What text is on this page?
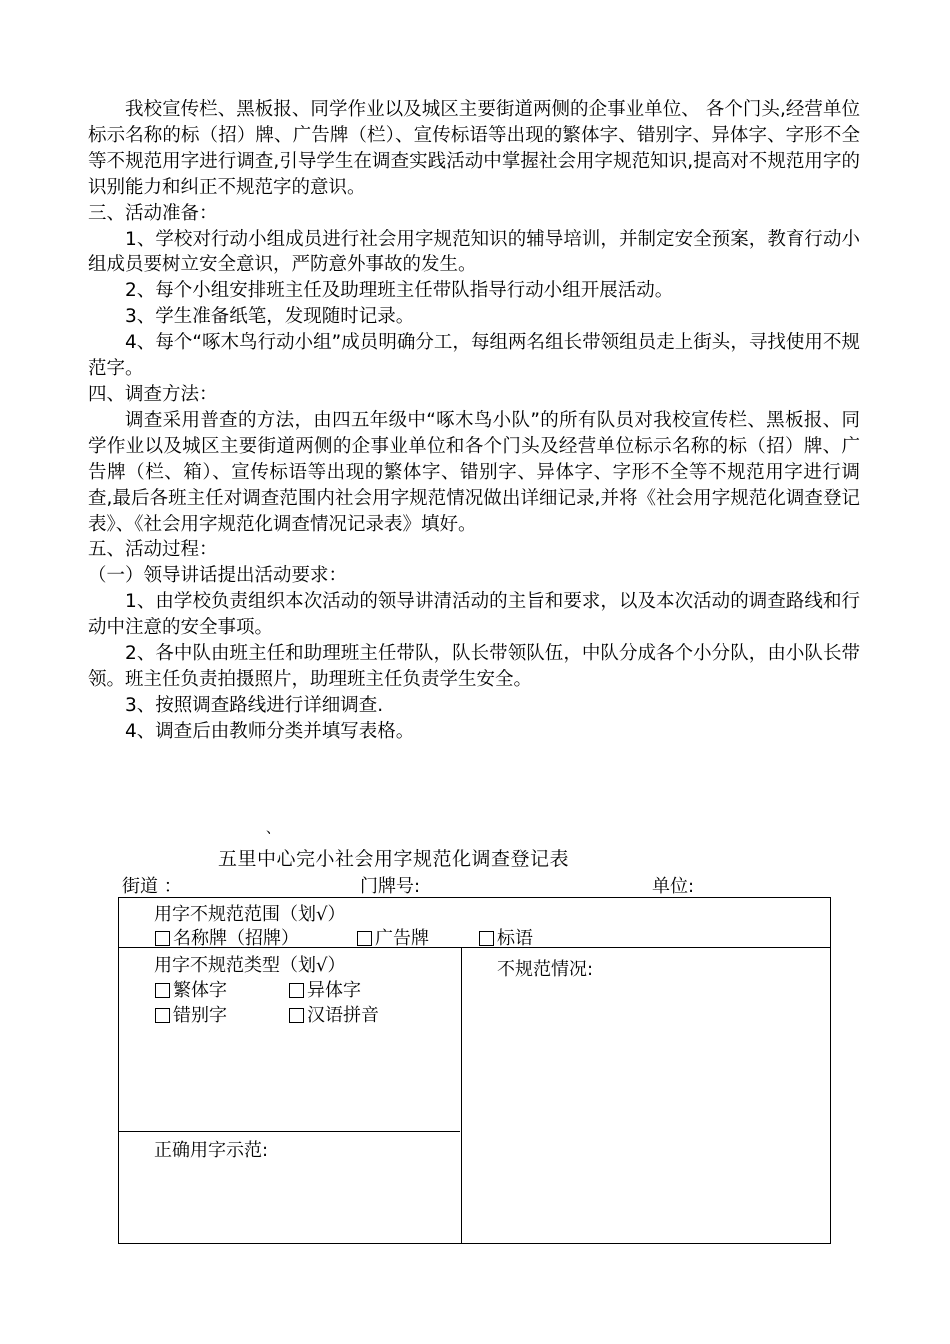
我校宣传栏、黑板报、同学作业以及城区主要街道两侧的企事业单位、 各个门头,经营单位标示名称的标（招）牌、广告牌（栏）、宣传标语等出现的繁体字、错别字、异体字、字形不全等不规范用字进行调查,引导学生在调查实践活动中掌握社会用字规范知识,提高对不规范用字的识别能力和纠正不规范字的意识。

三、活动准备：

1、学校对行动小组成员进行社会用字规范知识的辅导培训，并制定安全预案，教育行动小组成员要树立安全意识，严防意外事故的发生。

2、每个小组安排班主任及助理班主任带队指导行动小组开展活动。

3、学生准备纸笔，发现随时记录。

4、每个“啄木鸟行动小组”成员明确分工，每组两名组长带领组员走上街头，寻找使用不规范字。

四、调查方法：

调查采用普查的方法，由四五年级中“啄木鸟小队”的所有队员对我校宣传栏、黑板报、同学作业以及城区主要街道两侧的企事业单位和各个门头及经营单位标示名称的标（招）牌、广告牌（栏、箱）、宣传标语等出现的繁体字、错别字、异体字、字形不全等不规范用字进行调查,最后各班主任对调查范围内社会用字规范情况做出详细记录,并将《社会用字规范化调查登记表》、《社会用字规范化调查情况记录表》填好。

五、活动过程：

（一）领导讲话提出活动要求：

1、由学校负责组织本次活动的领导讲清活动的主旨和要求，以及本次活动的调查路线和行动中注意的安全事项。

2、各中队由班主任和助理班主任带队，队长带领队伍，中队分成各个小分队，由小队长带领。班主任负责拍摄照片，助理班主任负责学生安全。

3、按照调查路线进行详细调查.

4、调查后由教师分类并填写表格。

、
五里中心完小社会用字规范化调查登记表
街道 ：	门牌号:	单位:
用字不规范范围（划√）
名称牌（招牌）	广告牌	标语
用字不规范类型（划√）
繁体字	异体字
错别字	汉语拼音
不规范情况:
正确用字示范:
